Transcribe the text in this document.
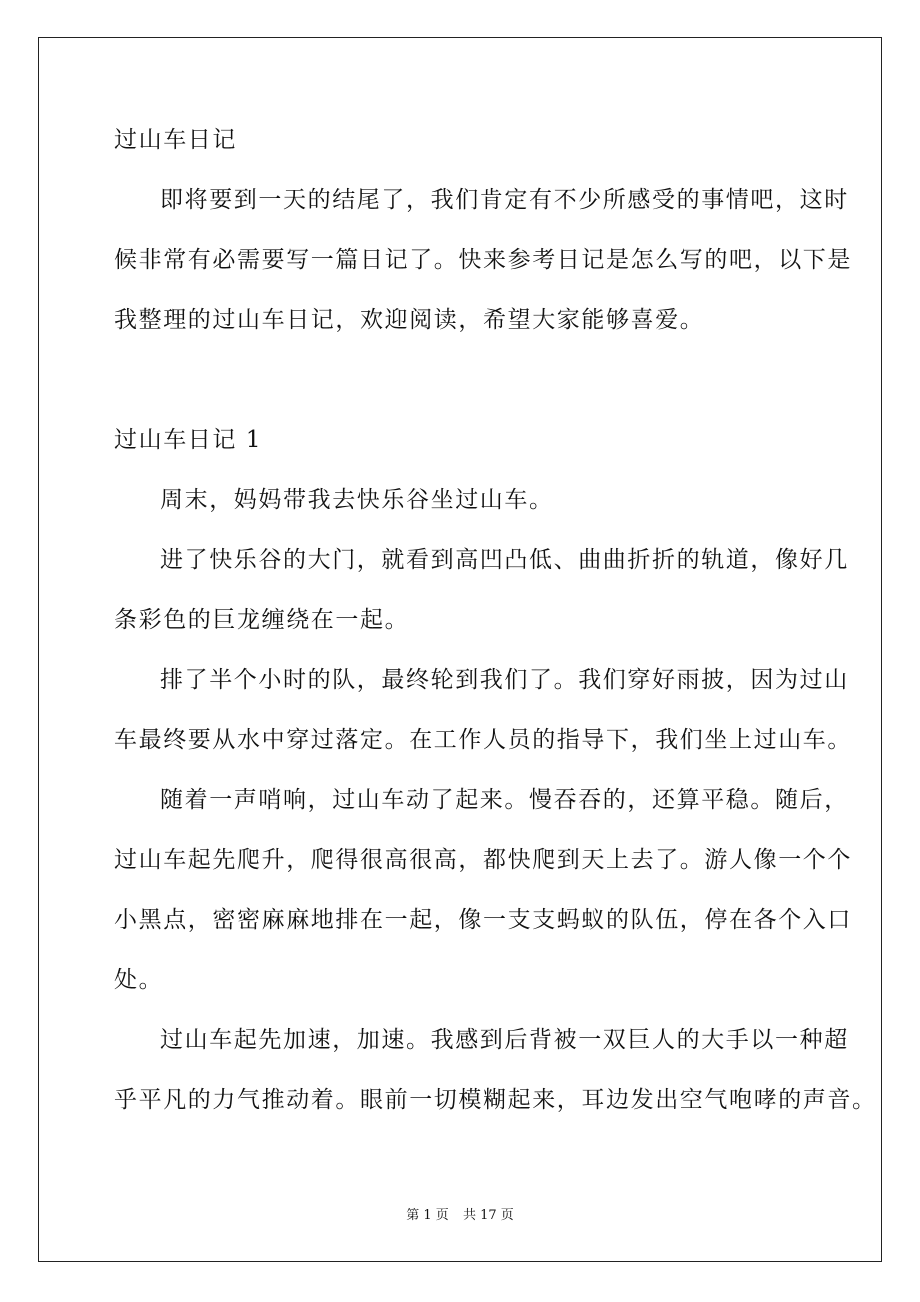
过山车日记
即将要到一天的结尾了，我们肯定有不少所感受的事情吧，这时
候非常有必需要写一篇日记了。快来参考日记是怎么写的吧，以下是
我整理的过山车日记，欢迎阅读，希望大家能够喜爱。
过山车日记 1
周末，妈妈带我去快乐谷坐过山车。
进了快乐谷的大门，就看到高凹凸低、曲曲折折的轨道，像好几
条彩色的巨龙缠绕在一起。
排了半个小时的队，最终轮到我们了。我们穿好雨披，因为过山
车最终要从水中穿过落定。在工作人员的指导下，我们坐上过山车。
随着一声哨响，过山车动了起来。慢吞吞的，还算平稳。随后，
过山车起先爬升，爬得很高很高，都快爬到天上去了。游人像一个个
小黑点，密密麻麻地排在一起，像一支支蚂蚁的队伍，停在各个入口
处。
过山车起先加速，加速。我感到后背被一双巨人的大手以一种超
乎平凡的力气推动着。眼前一切模糊起来，耳边发出空气咆哮的声音。
第 1 页 共 17 页
